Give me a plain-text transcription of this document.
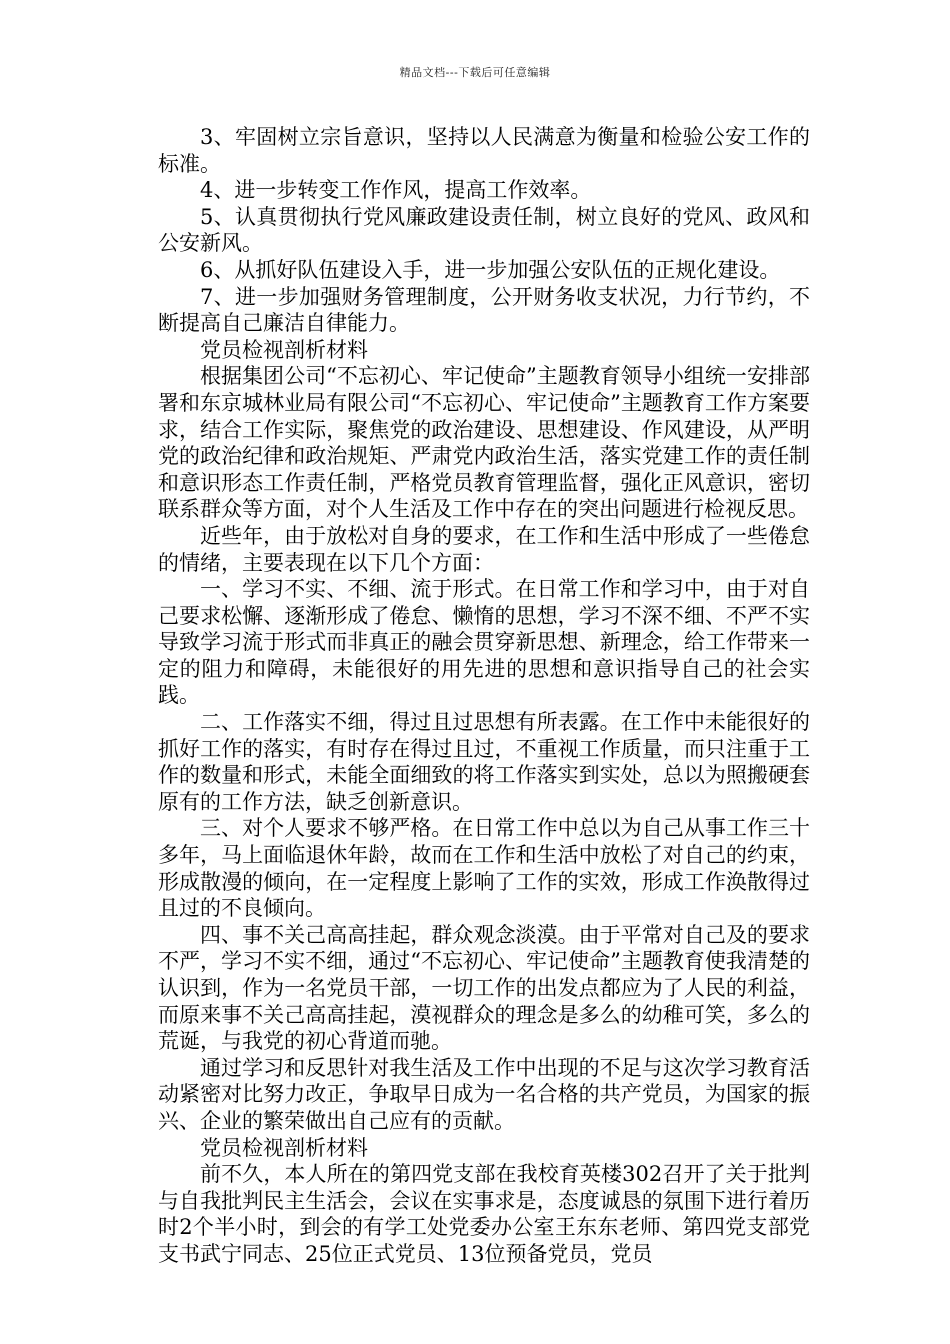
精品文档---下载后可任意编辑

3、牢固树立宗旨意识，坚持以人民满意为衡量和检验公安工作的标准。

4、进一步转变工作作风，提高工作效率。

5、认真贯彻执行党风廉政建设责任制，树立良好的党风、政风和公安新风。

6、从抓好队伍建设入手，进一步加强公安队伍的正规化建设。

7、进一步加强财务管理制度，公开财务收支状况，力行节约，不断提高自己廉洁自律能力。

党员检视剖析材料

根据集团公司“不忘初心、牢记使命”主题教育领导小组统一安排部署和东京城林业局有限公司“不忘初心、牢记使命”主题教育工作方案要求，结合工作实际，聚焦党的政治建设、思想建设、作风建设，从严明党的政治纪律和政治规矩、严肃党内政治生活，落实党建工作的责任制和意识形态工作责任制，严格党员教育管理监督，强化正风意识，密切联系群众等方面，对个人生活及工作中存在的突出问题进行检视反思。

近些年，由于放松对自身的要求，在工作和生活中形成了一些倦怠的情绪，主要表现在以下几个方面：

一、学习不实、不细、流于形式。在日常工作和学习中，由于对自己要求松懈、逐渐形成了倦怠、懒惰的思想，学习不深不细、不严不实导致学习流于形式而非真正的融会贯穿新思想、新理念，给工作带来一定的阻力和障碍，未能很好的用先进的思想和意识指导自己的社会实践。

二、工作落实不细，得过且过思想有所表露。在工作中未能很好的抓好工作的落实，有时存在得过且过，不重视工作质量，而只注重于工作的数量和形式，未能全面细致的将工作落实到实处，总以为照搬硬套原有的工作方法，缺乏创新意识。

三、对个人要求不够严格。在日常工作中总以为自己从事工作三十多年，马上面临退休年龄，故而在工作和生活中放松了对自己的约束，形成散漫的倾向，在一定程度上影响了工作的实效，形成工作涣散得过且过的不良倾向。

四、事不关己高高挂起，群众观念淡漠。由于平常对自己及的要求不严，学习不实不细，通过“不忘初心、牢记使命”主题教育使我清楚的认识到，作为一名党员干部，一切工作的出发点都应为了人民的利益，而原来事不关己高高挂起，漠视群众的理念是多么的幼稚可笑，多么的荒诞，与我党的初心背道而驰。

通过学习和反思针对我生活及工作中出现的不足与这次学习教育活动紧密对比努力改正，争取早日成为一名合格的共产党员，为国家的振兴、企业的繁荣做出自己应有的贡献。

党员检视剖析材料

前不久，本人所在的第四党支部在我校育英楼302召开了关于批判与自我批判民主生活会，会议在实事求是，态度诚恳的氛围下进行着历时2个半小时，到会的有学工处党委办公室王东东老师、第四党支部党支书武宁同志、25位正式党员、13位预备党员，党员
